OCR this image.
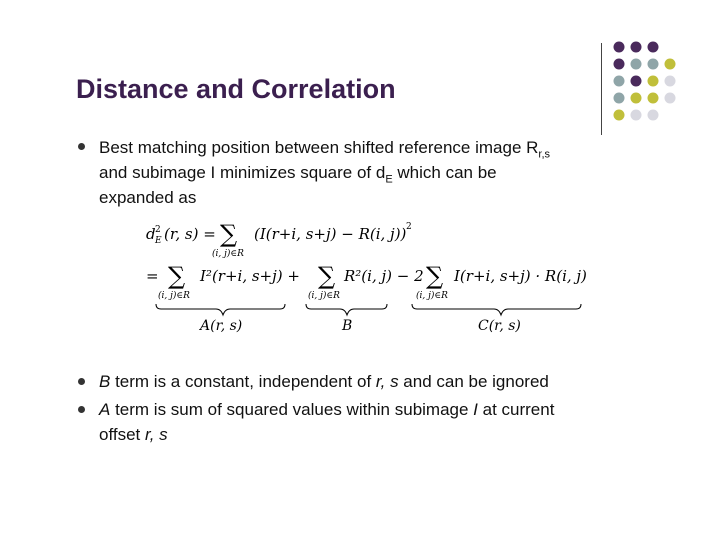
Distance and Correlation
Best matching position between shifted reference image $R_{r,s}$
and subimage I minimizes square of $d_E$ which can be
expanded as
d 2
E (r, s) = ∑
(i, j)∈R
(I(r+i, s+j) − R(i, j)) 2
= ∑
(i, j)∈R
I²(r+i, s+j) + ∑
(i, j)∈R
R²(i, j) − 2 ∑
(i, j)∈R
I(r+i, s+j) · R(i, j)
A(r, s)	B	C(r, s)
B term is a constant, independent of r, s and can be ignored
A term is sum of squared values within subimage I at current
offset r, s
